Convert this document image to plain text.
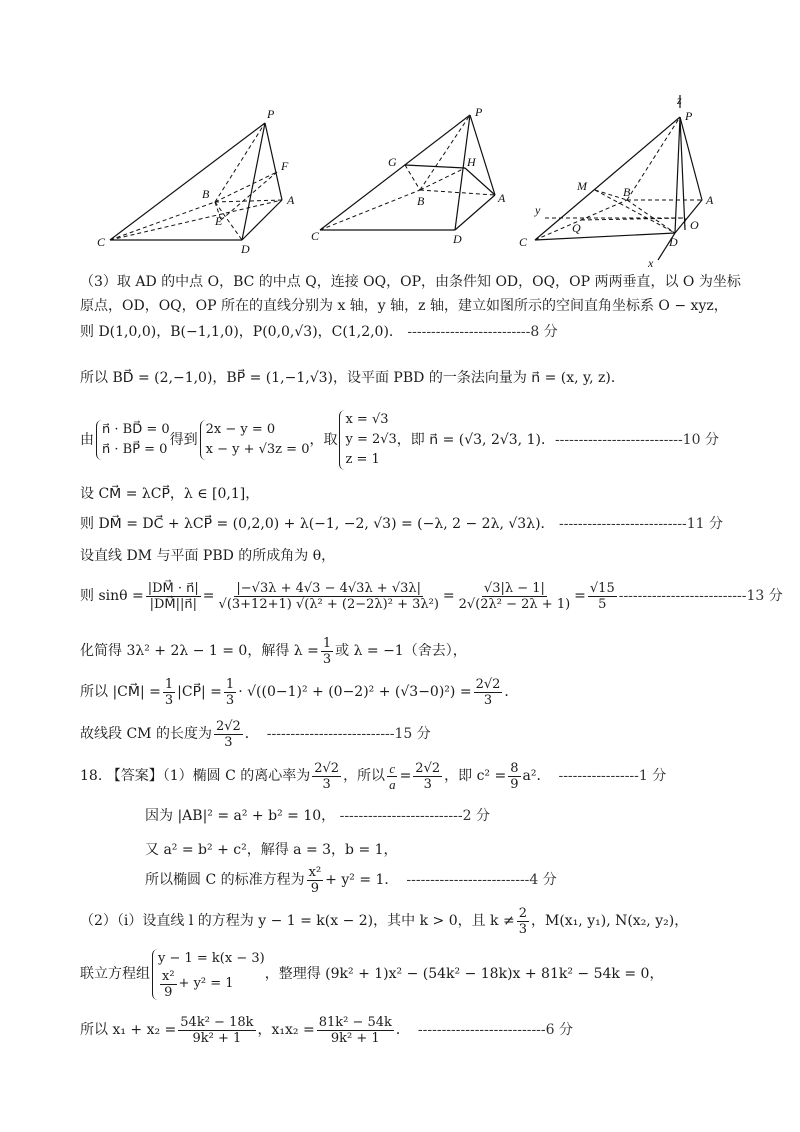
P
F
B	A
E
C	D
P
G	H
B	A
C	D
z
P
M	B
A
y
Q	O
C	D
x
（3）取 AD 的中点 O，BC 的中点 Q，连接 OQ，OP，由条件知 OD，OQ，OP 两两垂直，以 O 为坐标
原点，OD，OQ，OP 所在的直线分别为 x 轴，y 轴，z 轴，建立如图所示的空间直角坐标系 O − xyz，
则 D(1,0,0)，B(−1,1,0)，P(0,0,√3)，C(1,2,0)． --------------------------8 分
所以 BD⃗ = (2,−1,0)，BP⃗ = (1,−1,√3)，设平面 PBD 的一条法向量为 n⃗ = (x, y, z)．
由
n⃗ · BD⃗ = 0
n⃗ · BP⃗ = 0
得到
2x − y = 0
x − y + √3z = 0
，取
x = √3
y = 2√3
z = 1
，即 n⃗ = (√3, 2√3, 1)． ---------------------------10 分
设 CM⃗ = λCP⃗，λ ∈ [0,1]，
则 DM⃗ = DC⃗ + λCP⃗ = (0,2,0) + λ(−1, −2, √3) = (−λ, 2 − 2λ, √3λ)． ---------------------------11 分
设直线 DM 与平面 PBD 的所成角为 θ，
则 $\sin\theta = \frac{|DM⃗ \cdot n⃗|}{|DM⃗||n⃗|} = \frac{|-√3\lambda + 4√3 - 4√3\lambda + √3\lambda|}{\text{√(3+12+1) √(λ² + (2−2λ)² + 3λ²)}} = \frac{√3|\lambda - 1|}{\text{2√(2λ² − 2λ + 1)}} = \frac{√15}{5} ---------------------------13$ 分
化简得 3λ² + 2λ − 1 = 0，解得 $\lambda = \frac{1}{3}$ 或 λ = −1（舍去），
所以 |CM⃗| = $\frac{1}{3}$ |CP⃗| = $\frac{1}{3} \cdot √((0-1)^2 + (0-2)^2 + (√3-0)^2) = \frac{2√2}{3}$ ．
故线段 CM 的长度为 $\frac{2√2}{3}$ ． ---------------------------15 分
18. 【答案】（1）椭圆 C 的离心率为 $\frac{2√2}{3}$ ，所以 $\frac{c}{a} = \frac{2√2}{3}$ ，即 $c^2 = \frac{8}{9} a^2$． -----------------1 分
因为 |AB|² = a² + b² = 10， --------------------------2 分
又 a² = b² + c²，解得 a = 3，b = 1，
所以椭圆 C 的标准方程为 $\frac{\text{x²}}{9} + y^2 = 1$． --------------------------4 分
（2）（i）设直线 l 的方程为 y − 1 = k(x − 2)，其中 k > 0，且 $k \ne \frac{2}{3}$ ，M(x₁, y₁), N(x₂, y₂)，
联立方程组
y − 1 = k(x − 3)
$\frac{\text{x²}}{9} + y^2 = 1$
，整理得 (9k² + 1)x² − (54k² − 18k)x + 81k² − 54k = 0，
所以 $x_1 + x_2 = \frac{\text{54k² − 18k}}{\text{9k² + 1}}$ ，$x_1x_2 = \frac{\text{81k² − 54k}}{\text{9k² + 1}}$ ． ---------------------------6 分
